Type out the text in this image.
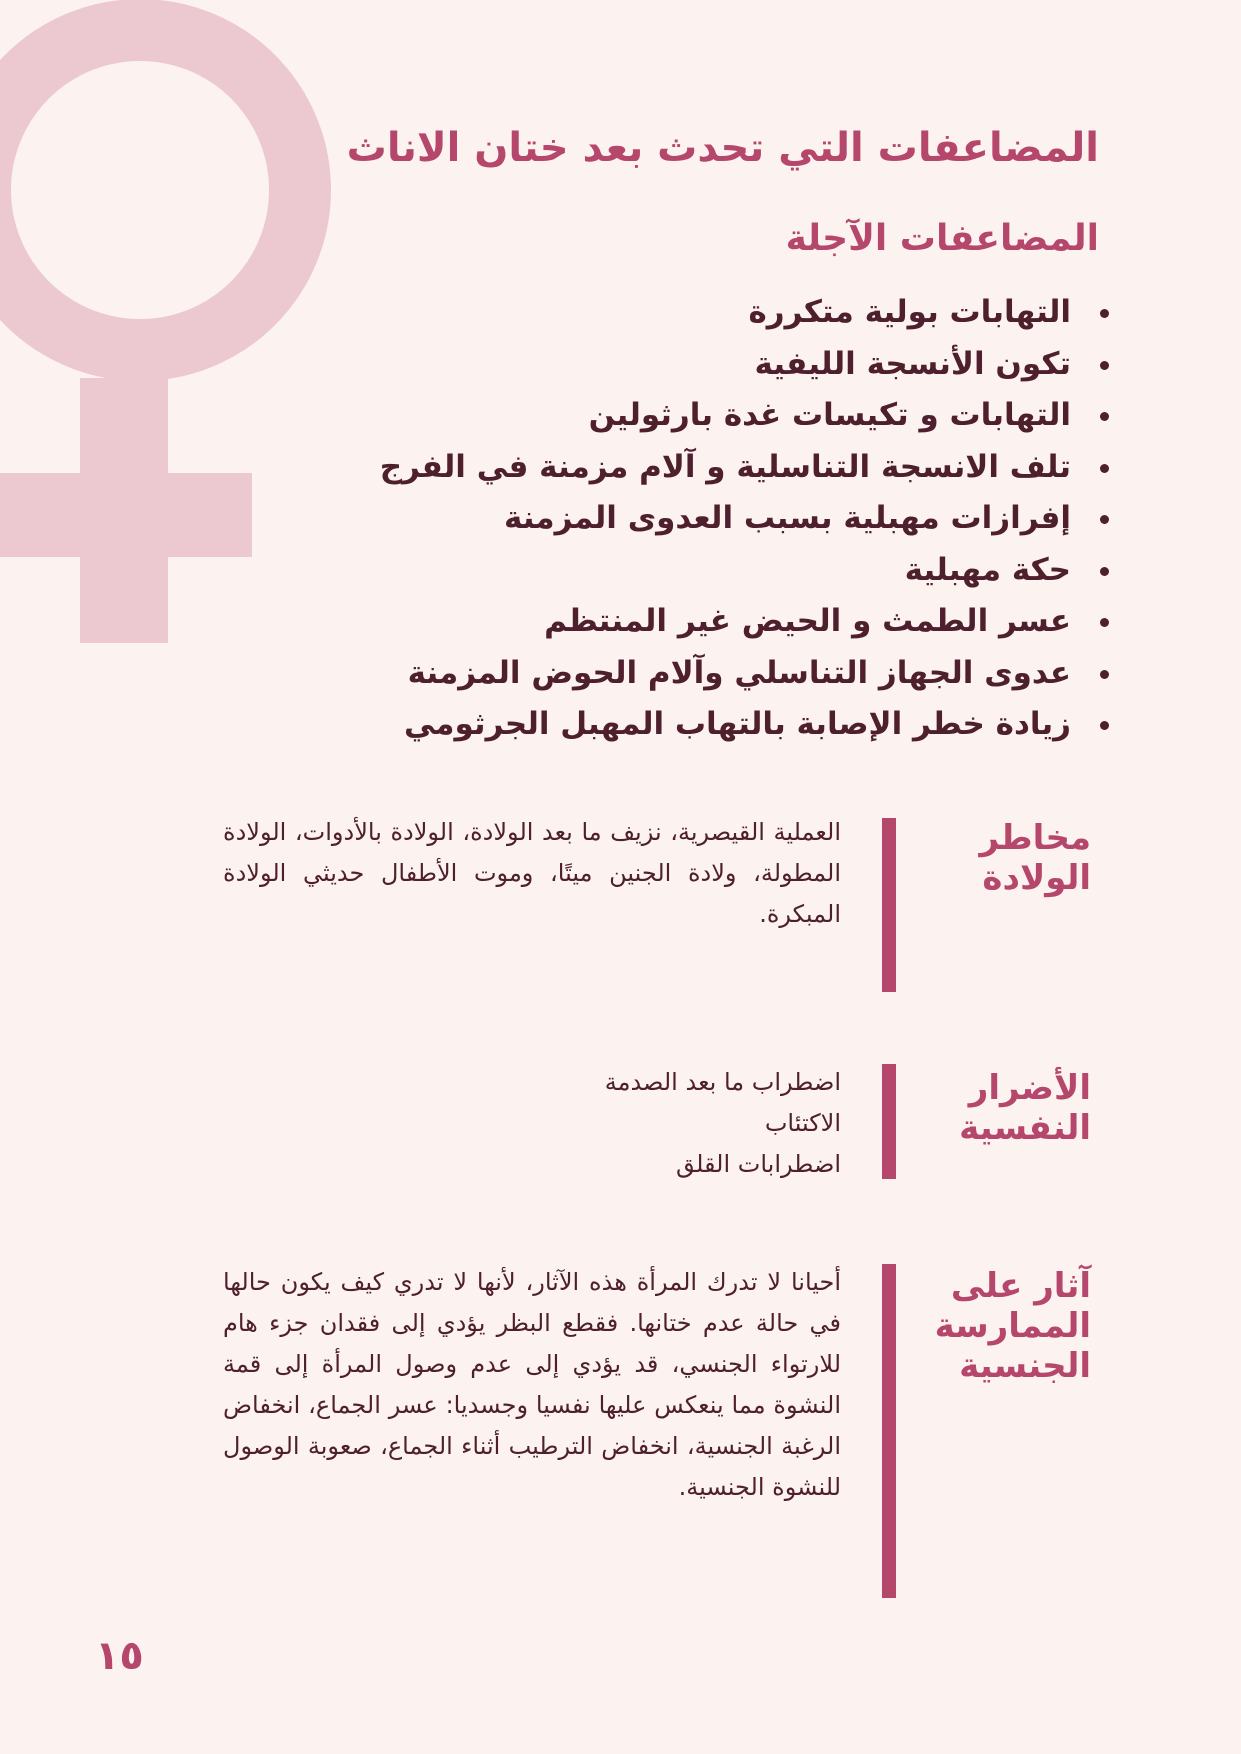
المضاعفات التي تحدث بعد ختان الاناث
المضاعفات الآجلة
التهابات بولية متكررة
تكون الأنسجة الليفية
التهابات و تكيسات غدة بارثولين
تلف الانسجة التناسلية و آلام مزمنة في الفرج
إفرازات مهبلية بسبب العدوى المزمنة
حكة مهبلية
عسر الطمث و الحيض غير المنتظم
عدوى الجهاز التناسلي وآلام الحوض المزمنة
زيادة خطر الإصابة بالتهاب المهبل الجرثومي
مخاطر الولادة

العملية القيصرية، نزيف ما بعد الولادة، الولادة بالأدوات، الولادة المطولة، ولادة الجنين ميتًا، وموت الأطفال حديثي الولادة المبكرة.

الأضرار النفسية
اضطراب ما بعد الصدمة
الاكتئاب
اضطرابات القلق
آثار على الممارسة الجنسية

أحيانا لا تدرك المرأة هذه الآثار، لأنها لا تدري كيف يكون حالها في حالة عدم ختانها. فقطع البظر يؤدي إلى فقدان جزء هام للارتواء الجنسي، قد يؤدي إلى عدم وصول المرأة إلى قمة النشوة مما ينعكس عليها نفسيا وجسديا: عسر الجماع، انخفاض الرغبة الجنسية، انخفاض الترطيب أثناء الجماع، صعوبة الوصول للنشوة الجنسية.

١٥
